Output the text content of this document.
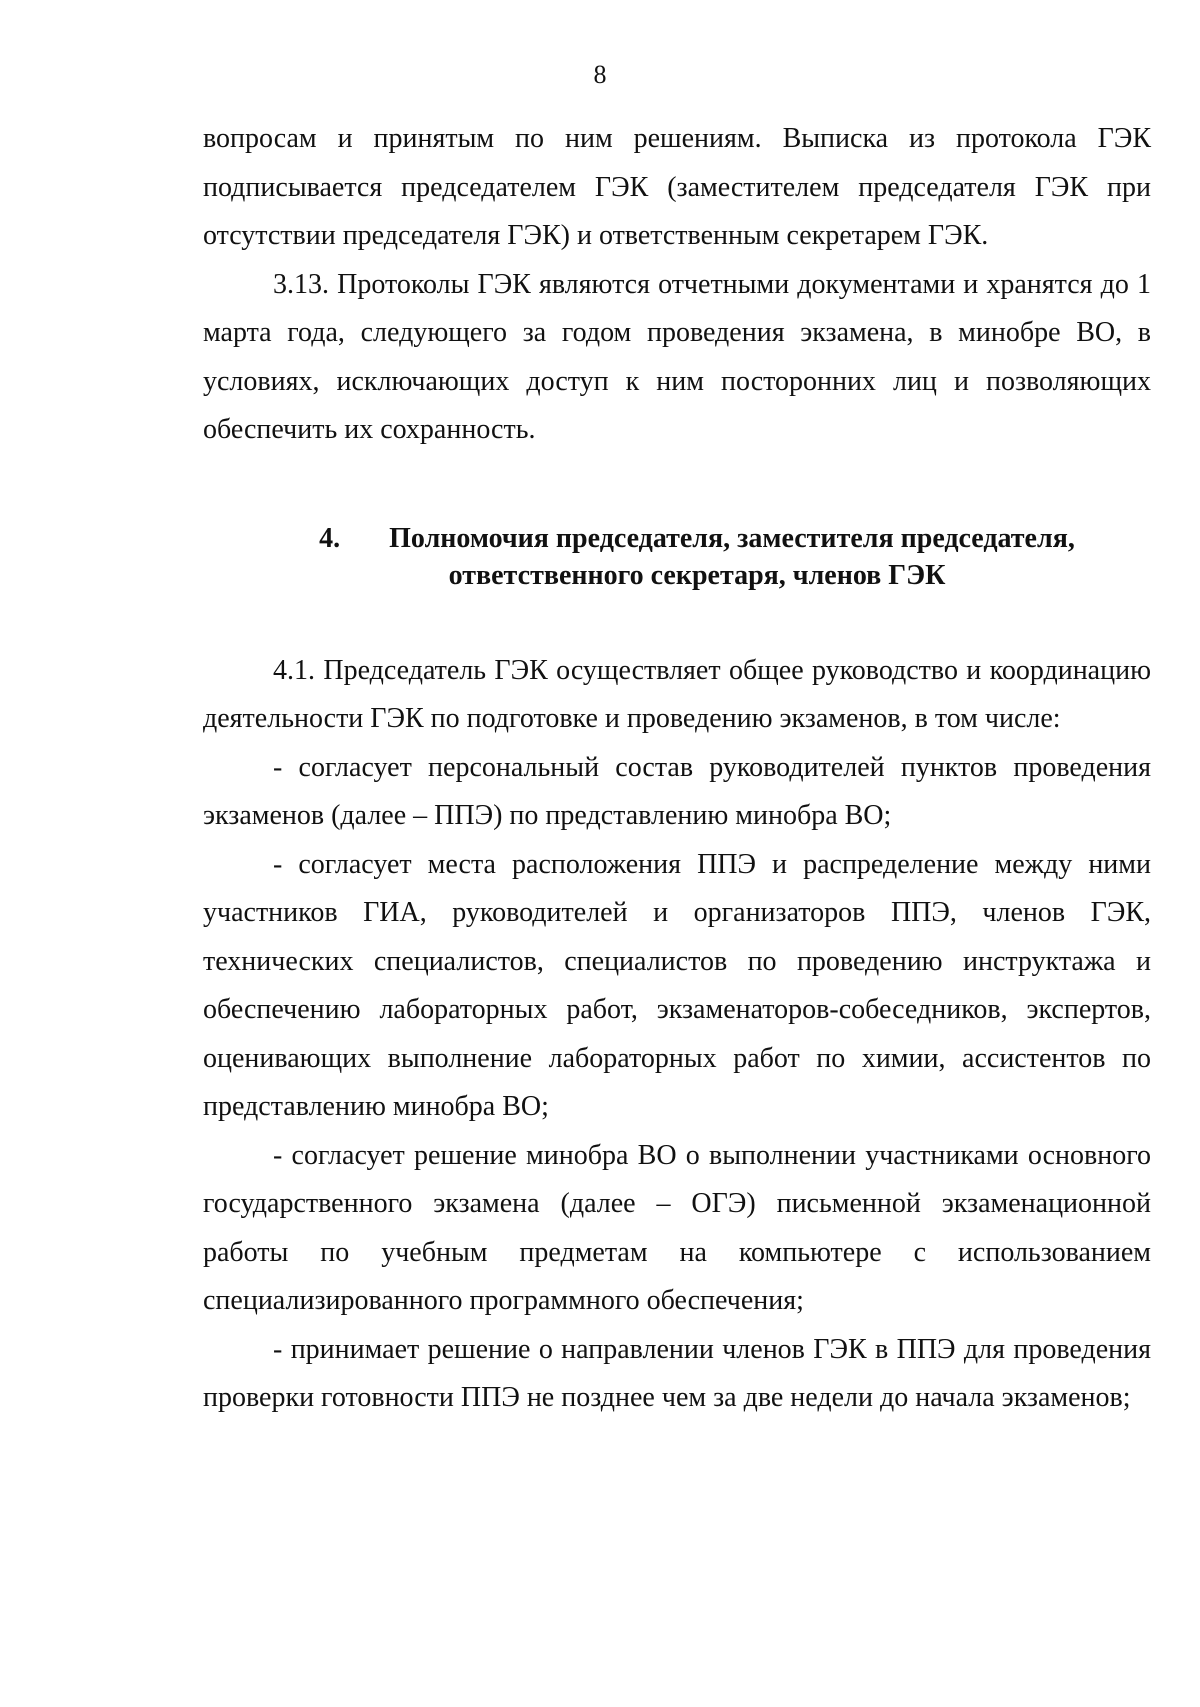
8

вопросам и принятым по ним решениям. Выписка из протокола ГЭК подписывается председателем ГЭК (заместителем председателя ГЭК при отсутствии председателя ГЭК) и ответственным секретарем ГЭК.

3.13. Протоколы ГЭК являются отчетными документами и хранятся до 1 марта года, следующего за годом проведения экзамена, в минобре ВО, в условиях, исключающих доступ к ним посторонних лиц и позволяющих обеспечить их сохранность.

4. Полномочия председателя, заместителя председателя,
ответственного секретаря, членов ГЭК

4.1. Председатель ГЭК осуществляет общее руководство и координацию деятельности ГЭК по подготовке и проведению экзаменов, в том числе:

- согласует персональный состав руководителей пунктов проведения экзаменов (далее – ППЭ) по представлению минобра ВО;

- согласует места расположения ППЭ и распределение между ними участников ГИА, руководителей и организаторов ППЭ, членов ГЭК, технических специалистов, специалистов по проведению инструктажа и обеспечению лабораторных работ, экзаменаторов-собеседников, экспертов, оценивающих выполнение лабораторных работ по химии, ассистентов по представлению минобра ВО;

- согласует решение минобра ВО о выполнении участниками основного государственного экзамена (далее – ОГЭ) письменной экзаменационной работы по учебным предметам на компьютере с использованием специализированного программного обеспечения;

- принимает решение о направлении членов ГЭК в ППЭ для проведения проверки готовности ППЭ не позднее чем за две недели до начала экзаменов;
